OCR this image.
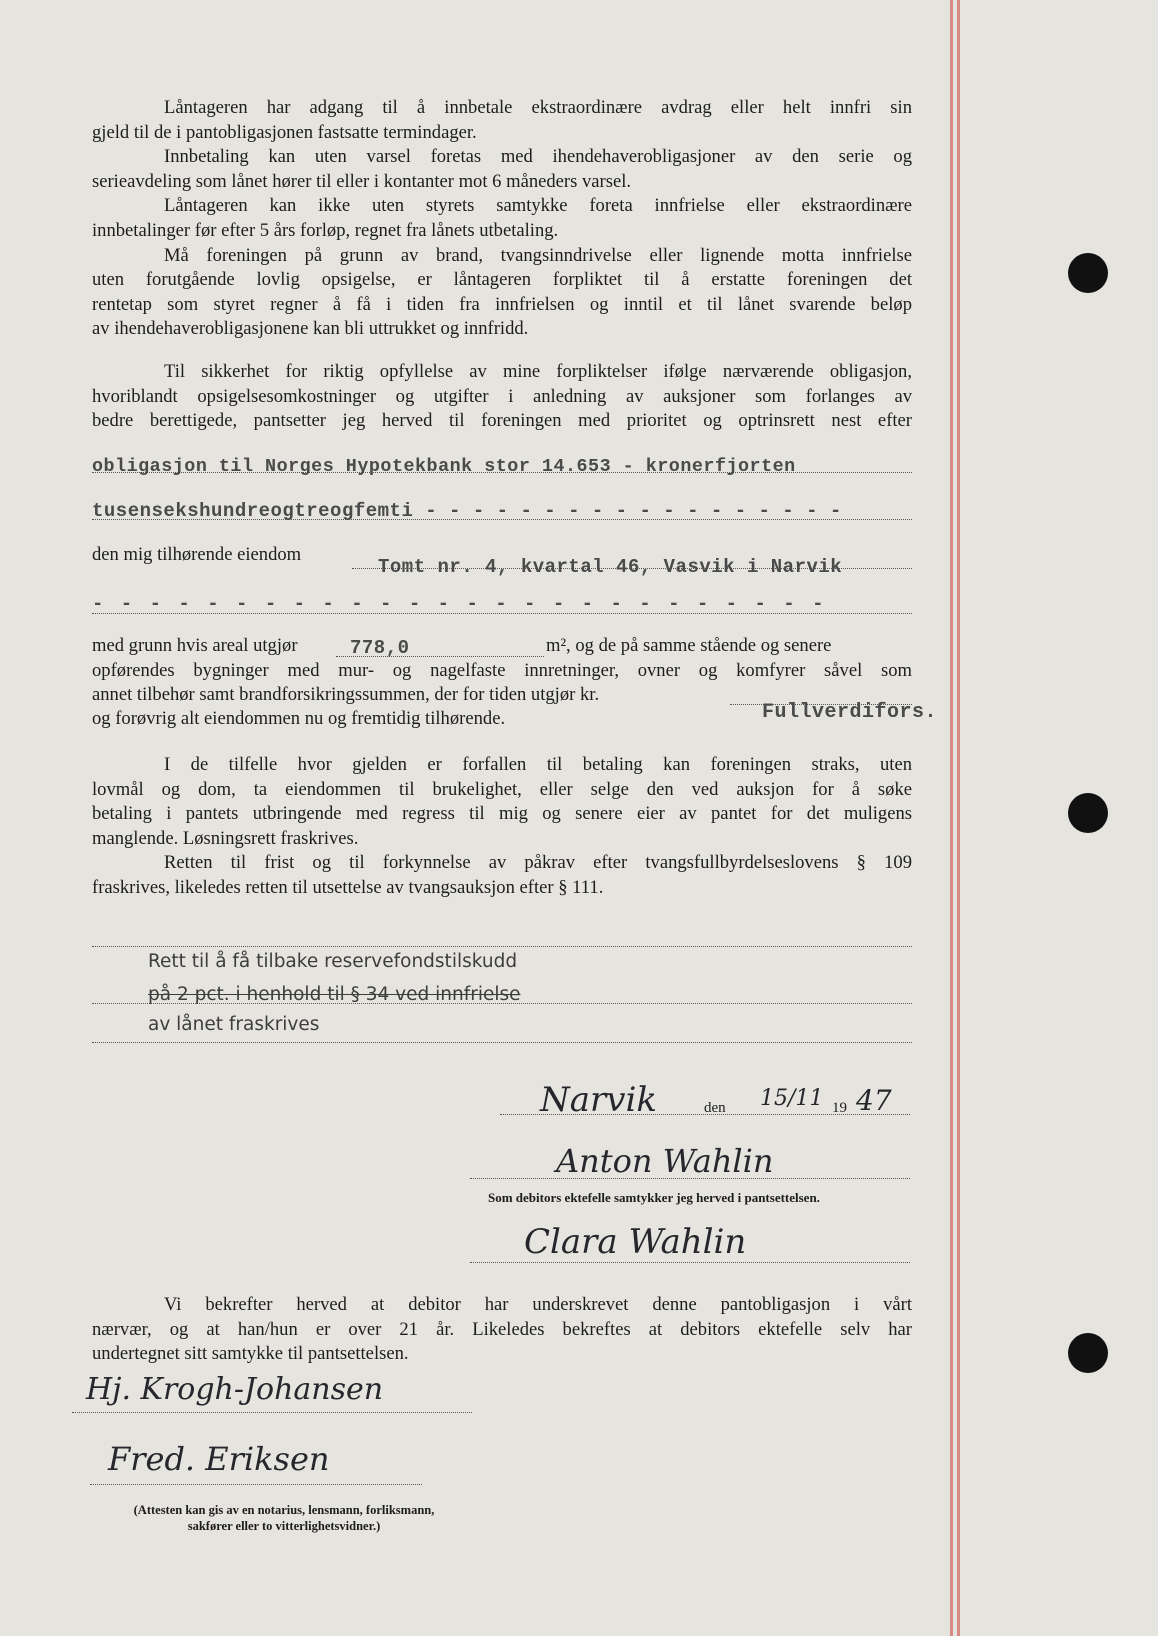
Låntageren har adgang til å innbetale ekstraordinære avdrag eller helt innfri sin
gjeld til de i pantobligasjonen fastsatte termindager.
Innbetaling kan uten varsel foretas med ihendehaverobligasjoner av den serie og
serieavdeling som lånet hører til eller i kontanter mot 6 måneders varsel.
Låntageren kan ikke uten styrets samtykke foreta innfrielse eller ekstraordinære
innbetalinger før efter 5 års forløp, regnet fra lånets utbetaling.
Må foreningen på grunn av brand, tvangsinndrivelse eller lignende motta innfrielse
uten forutgående lovlig opsigelse, er låntageren forpliktet til å erstatte foreningen det
rentetap som styret regner å få i tiden fra innfrielsen og inntil et til lånet svarende beløp
av ihendehaverobligasjonene kan bli uttrukket og innfridd.
Til sikkerhet for riktig opfyllelse av mine forpliktelser ifølge nærværende obligasjon,
hvoriblandt opsigelsesomkostninger og utgifter i anledning av auksjoner som forlanges av
bedre berettigede, pantsetter jeg herved til foreningen med prioritet og optrinsrett nest efter
obligasjon til Norges Hypotekbank stor 14.653 - kronerfjorten
tusensekshundreogtreogfemti - - - - - - - - - - - - - - - - - -
den mig tilhørende eiendom
Tomt nr. 4, kvartal 46, Vasvik i Narvik
- - - - - - - - - - - - - - - - - - - - - - - - - -
med grunn hvis areal utgjør	778,0	m², og de på samme stående og senere
opførendes bygninger med mur- og nagelfaste innretninger, ovner og komfyrer såvel som
annet tilbehør samt brandforsikringssummen, der for tiden utgjør kr.
Fullverdifors.
og forøvrig alt eiendommen nu og fremtidig tilhørende.
I de tilfelle hvor gjelden er forfallen til betaling kan foreningen straks, uten
lovmål og dom, ta eiendommen til brukelighet, eller selge den ved auksjon for å søke
betaling i pantets utbringende med regress til mig og senere eier av pantet for det muligens
manglende. Løsningsrett fraskrives.
Retten til frist og til forkynnelse av påkrav efter tvangsfullbyrdelseslovens § 109
fraskrives, likeledes retten til utsettelse av tvangsauksjon efter § 111.
Rett til å få tilbake reservefondstilskudd
på 2 pct. i henhold til § 34 ved innfrielse
av lånet fraskrives
Narvik	den 15/11 19 47
Anton Wahlin
Som debitors ektefelle samtykker jeg herved i pantsettelsen.
Clara Wahlin
Vi bekrefter herved at debitor har underskrevet denne pantobligasjon i vårt
nærvær, og at han/hun er over 21 år. Likeledes bekreftes at debitors ektefelle selv har
undertegnet sitt samtykke til pantsettelsen.
Hj. Krogh-Johansen
Fred. Eriksen
(Attesten kan gis av en notarius, lensmann, forliksmann,
sakfører eller to vitterlighetsvidner.)
